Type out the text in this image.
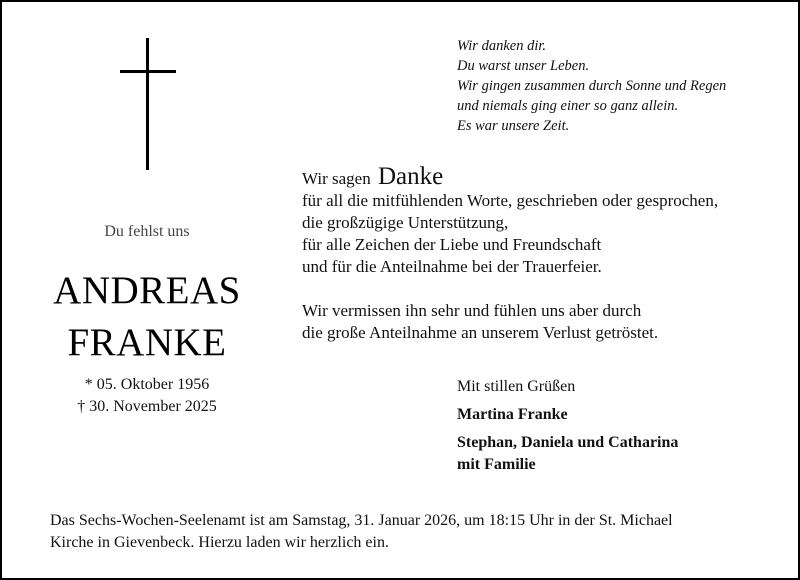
Du fehlst uns
ANDREAS
FRANKE
* 05. Oktober 1956
† 30. November 2025
Wir danken dir.
Du warst unser Leben.
Wir gingen zusammen durch Sonne und Regen
und niemals ging einer so ganz allein.
Es war unsere Zeit.
Wir sagen Danke
für all die mitfühlenden Worte, geschrieben oder gesprochen,
die großzügige Unterstützung,
für alle Zeichen der Liebe und Freundschaft
und für die Anteilnahme bei der Trauerfeier.
Wir vermissen ihn sehr und fühlen uns aber durch
die große Anteilnahme an unserem Verlust getröstet.
Mit stillen Grüßen
Martina Franke
Stephan, Daniela und Catharina
mit Familie
Das Sechs-Wochen-Seelenamt ist am Samstag, 31. Januar 2026, um 18:15 Uhr in der St. Michael
Kirche in Gievenbeck. Hierzu laden wir herzlich ein.
